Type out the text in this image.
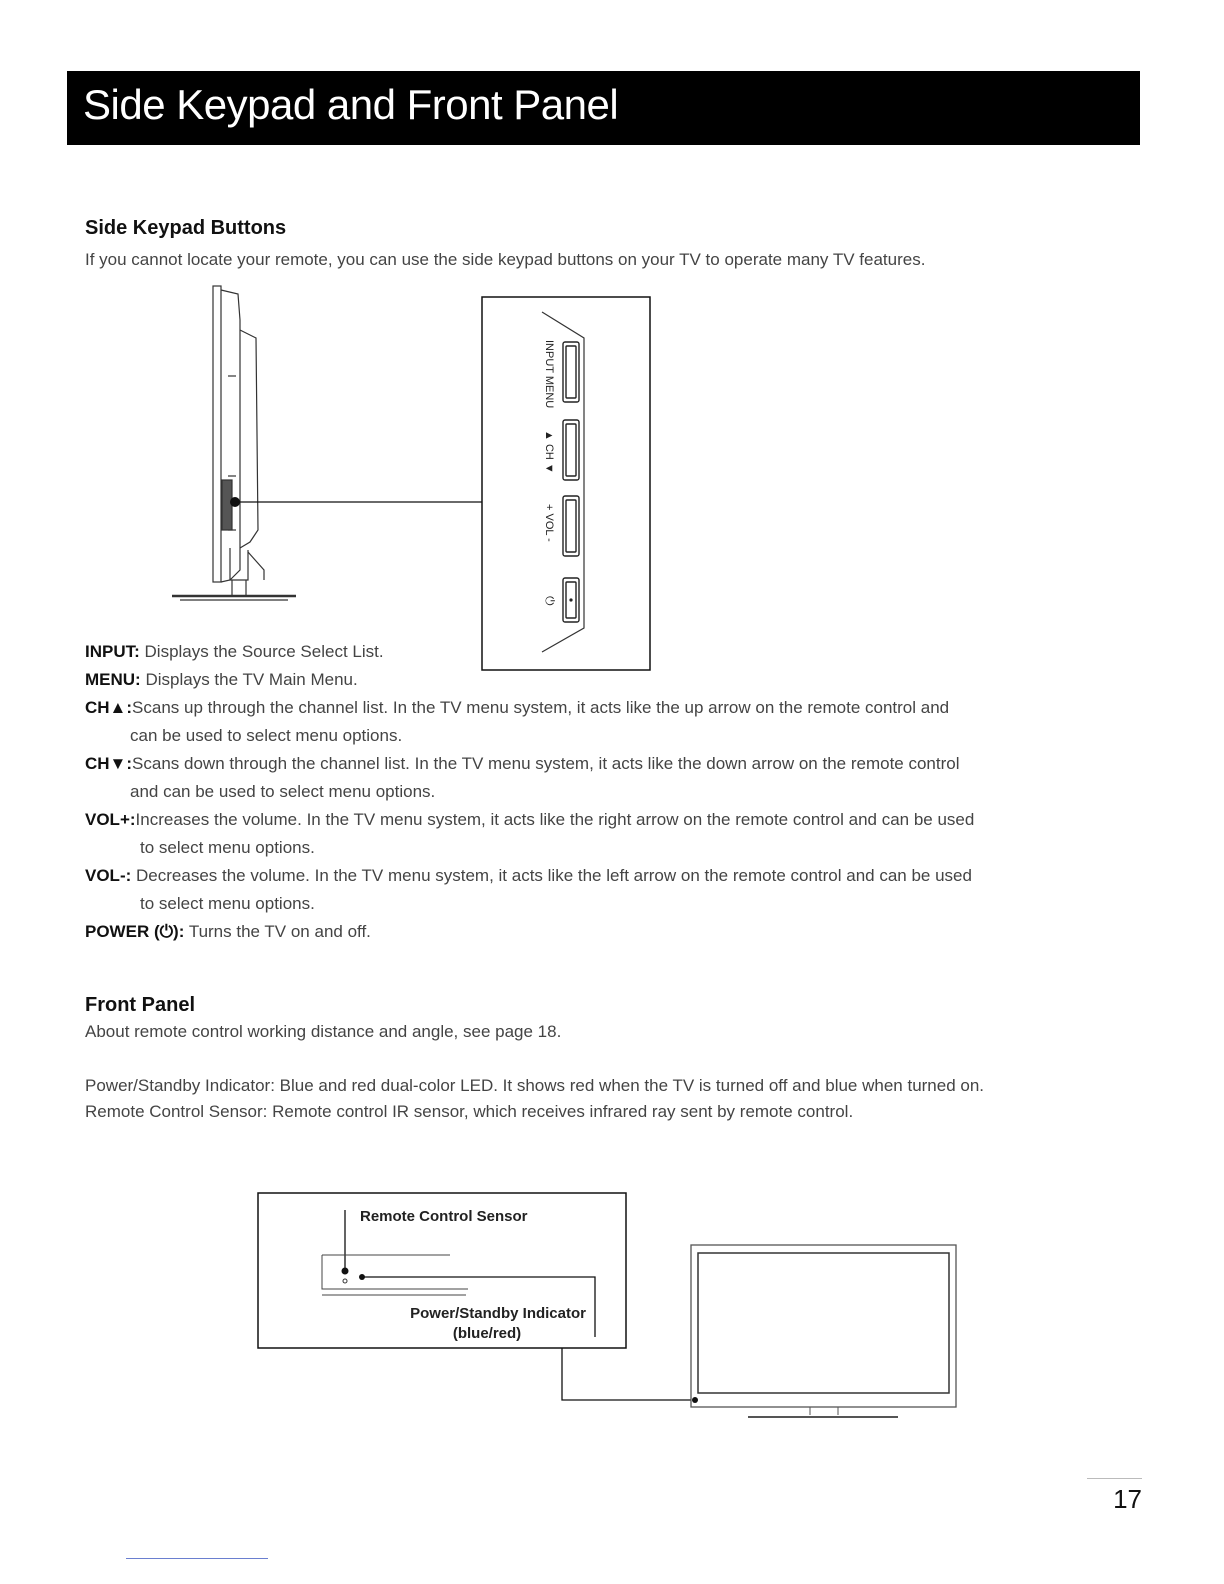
Side Keypad and Front Panel
Side Keypad Buttons
If you cannot locate your remote, you can use the side keypad buttons on your TV to operate many TV features.
INPUT MENU
▲ CH ▼
+ VOL -
⏻
INPUT: Displays the Source Select List.
MENU: Displays the TV Main Menu.
CH▲:Scans up through the channel list. In the TV menu system, it acts like the up arrow on the remote control and
can be used to select menu options.
CH▼:Scans down through the channel list. In the TV menu system, it acts like the down arrow on the remote control
and can be used to select menu options.
VOL+:Increases the volume. In the TV menu system, it acts like the right arrow on the remote control and can be used
to select menu options.
VOL-: Decreases the volume. In the TV menu system, it acts like the left arrow on the remote control and can be used
to select menu options.
POWER (⏻): Turns the TV on and off.
Front Panel
About remote control working distance and angle, see page 18.
Power/Standby Indicator: Blue and red dual-color LED. It shows red when the TV is turned off and blue when turned on.
Remote Control Sensor: Remote control IR sensor, which receives infrared ray sent by remote control.
Remote Control Sensor
Power/Standby Indicator
(blue/red)
17
